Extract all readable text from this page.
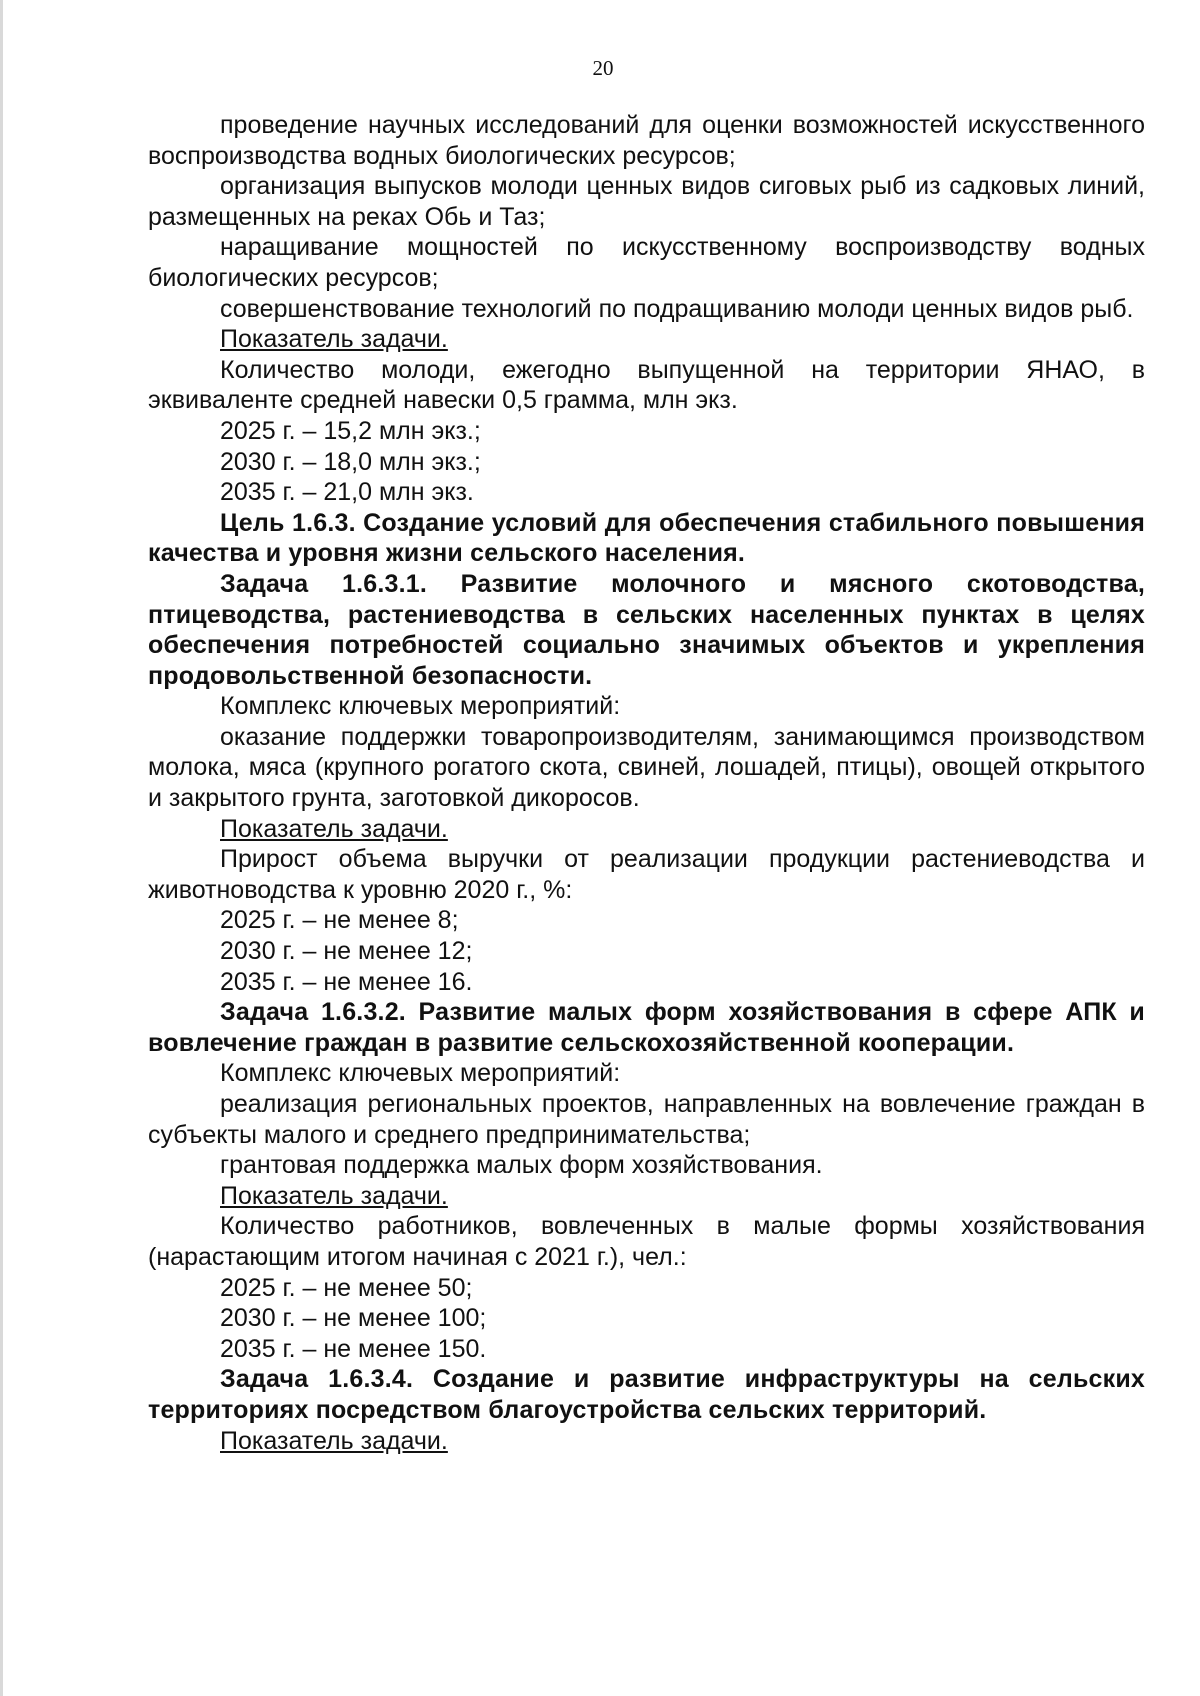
20

проведение научных исследований для оценки возможностей искусственного воспроизводства водных биологических ресурсов;

организация выпусков молоди ценных видов сиговых рыб из садковых линий, размещенных на реках Обь и Таз;

наращивание мощностей по искусственному воспроизводству водных биологических ресурсов;

совершенствование технологий по подращиванию молоди ценных видов рыб.

Показатель задачи.

Количество молоди, ежегодно выпущенной на территории ЯНАО, в эквиваленте средней навески 0,5 грамма, млн экз.

2025 г. – 15,2 млн экз.;

2030 г. – 18,0 млн экз.;

2035 г. – 21,0 млн экз.

Цель 1.6.3. Создание условий для обеспечения стабильного повышения качества и уровня жизни сельского населения.

Задача 1.6.3.1. Развитие молочного и мясного скотоводства, птицеводства, растениеводства в сельских населенных пунктах в целях обеспечения потребностей социально значимых объектов и укрепления продовольственной безопасности.

Комплекс ключевых мероприятий:

оказание поддержки товаропроизводителям, занимающимся производством молока, мяса (крупного рогатого скота, свиней, лошадей, птицы), овощей открытого и закрытого грунта, заготовкой дикоросов.

Показатель задачи.

Прирост объема выручки от реализации продукции растениеводства и животноводства к уровню 2020 г., %:

2025 г. – не менее 8;

2030 г. – не менее 12;

2035 г. – не менее 16.

Задача 1.6.3.2. Развитие малых форм хозяйствования в сфере АПК и вовлечение граждан в развитие сельскохозяйственной кооперации.

Комплекс ключевых мероприятий:

реализация региональных проектов, направленных на вовлечение граждан в субъекты малого и среднего предпринимательства;

грантовая поддержка малых форм хозяйствования.

Показатель задачи.

Количество работников, вовлеченных в малые формы хозяйствования (нарастающим итогом начиная с 2021 г.), чел.:

2025 г. – не менее 50;

2030 г. – не менее 100;

2035 г. – не менее 150.

Задача 1.6.3.4. Создание и развитие инфраструктуры на сельских территориях посредством благоустройства сельских территорий.

Показатель задачи.
